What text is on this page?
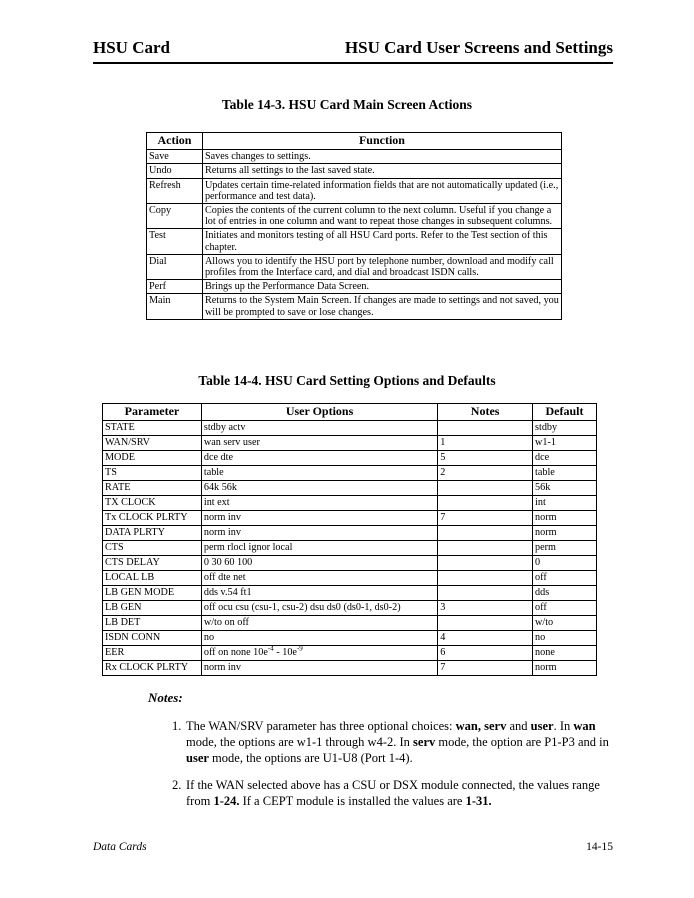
HSU Card	HSU Card User Screens and Settings
Table 14-3. HSU Card Main Screen Actions
Action	Function
Save	Saves changes to settings.
Undo	Returns all settings to the last saved state.
Refresh	Updates certain time-related information fields that are not automatically updated (i.e., performance and test data).
Copy	Copies the contents of the current column to the next column. Useful if you change a lot of entries in one column and want to repeat those changes in subsequent columns.
Test	Initiates and monitors testing of all HSU Card ports. Refer to the Test section of this chapter.
Dial	Allows you to identify the HSU port by telephone number, download and modify call profiles from the Interface card, and dial and broadcast ISDN calls.
Perf	Brings up the Performance Data Screen.
Main	Returns to the System Main Screen. If changes are made to settings and not saved, you will be prompted to save or lose changes.
Table 14-4. HSU Card Setting Options and Defaults
Parameter	User Options	Notes	Default
STATE	stdby actv		stdby
WAN/SRV	wan serv user	1	w1-1
MODE	dce dte	5	dce
TS	table	2	table
RATE	64k 56k		56k
TX CLOCK	int ext		int
Tx CLOCK PLRTY	norm inv	7	norm
DATA PLRTY	norm inv		norm
CTS	perm rlocl ignor local		perm
CTS DELAY	0 30 60 100		0
LOCAL LB	off dte net		off
LB GEN MODE	dds v.54 ft1		dds
LB GEN	off ocu csu (csu-1, csu-2) dsu ds0 (ds0-1, ds0-2)	3	off
LB DET	w/to on off		w/to
ISDN CONN	no	4	no
EER	off on none $10e^{-4} - 10e^{-9}$	6	none
Rx CLOCK PLRTY	norm inv	7	norm
Notes:
1. The WAN/SRV parameter has three optional choices: wan, serv and user. In wan mode, the options are w1-1 through w4-2. In serv mode, the option are P1-P3 and in user mode, the options are U1-U8 (Port 1-4).
2. If the WAN selected above has a CSU or DSX module connected, the values range from 1-24. If a CEPT module is installed the values are 1-31.
Data Cards	14-15
